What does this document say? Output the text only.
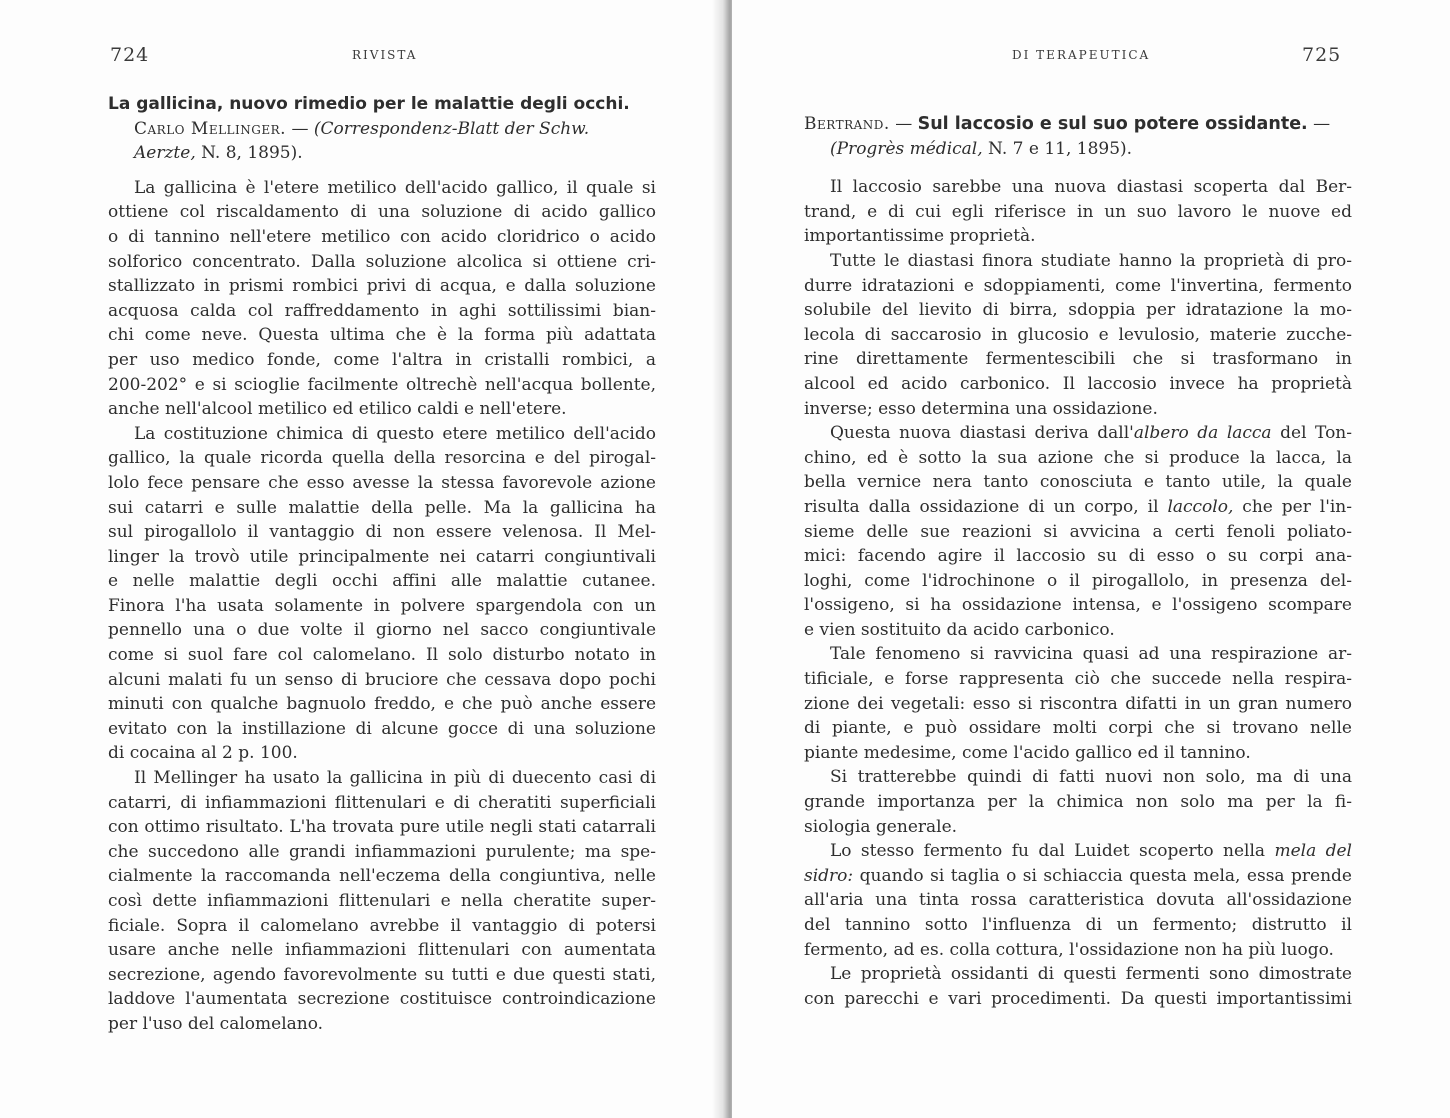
724	RIVISTA

La gallicina, nuovo rimedio per le malattie degli occhi.

Carlo Mellinger. — (Correspondenz-Blatt der Schw.

Aerzte, N. 8, 1895).

La gallicina è l'etere metilico dell'acido gallico, il quale si

ottiene col riscaldamento di una soluzione di acido gallico

o di tannino nell'etere metilico con acido cloridrico o acido

solforico concentrato. Dalla soluzione alcolica si ottiene cri-

stallizzato in prismi rombici privi di acqua, e dalla soluzione

acquosa calda col raffreddamento in aghi sottilissimi bian-

chi come neve. Questa ultima che è la forma più adattata

per uso medico fonde, come l'altra in cristalli rombici, a

200-202° e si scioglie facilmente oltrechè nell'acqua bollente,

anche nell'alcool metilico ed etilico caldi e nell'etere.

La costituzione chimica di questo etere metilico dell'acido

gallico, la quale ricorda quella della resorcina e del pirogal-

lolo fece pensare che esso avesse la stessa favorevole azione

sui catarri e sulle malattie della pelle. Ma la gallicina ha

sul pirogallolo il vantaggio di non essere velenosa. Il Mel-

linger la trovò utile principalmente nei catarri congiuntivali

e nelle malattie degli occhi affini alle malattie cutanee.

Finora l'ha usata solamente in polvere spargendola con un

pennello una o due volte il giorno nel sacco congiuntivale

come si suol fare col calomelano. Il solo disturbo notato in

alcuni malati fu un senso di bruciore che cessava dopo pochi

minuti con qualche bagnuolo freddo, e che può anche essere

evitato con la instillazione di alcune gocce di una soluzione

di cocaina al 2 p. 100.

Il Mellinger ha usato la gallicina in più di duecento casi di

catarri, di infiammazioni flittenulari e di cheratiti superficiali

con ottimo risultato. L'ha trovata pure utile negli stati catarrali

che succedono alle grandi infiammazioni purulente; ma spe-

cialmente la raccomanda nell'eczema della congiuntiva, nelle

così dette infiammazioni flittenulari e nella cheratite super-

ficiale. Sopra il calomelano avrebbe il vantaggio di potersi

usare anche nelle infiammazioni flittenulari con aumentata

secrezione, agendo favorevolmente su tutti e due questi stati,

laddove l'aumentata secrezione costituisce controindicazione

per l'uso del calomelano.

725
DI TERAPEUTICA

Bertrand. — Sul laccosio e sul suo potere ossidante. —

(Progrès médical, N. 7 e 11, 1895).

Il laccosio sarebbe una nuova diastasi scoperta dal Ber-

trand, e di cui egli riferisce in un suo lavoro le nuove ed

importantissime proprietà.

Tutte le diastasi finora studiate hanno la proprietà di pro-

durre idratazioni e sdoppiamenti, come l'invertina, fermento

solubile del lievito di birra, sdoppia per idratazione la mo-

lecola di saccarosio in glucosio e levulosio, materie zucche-

rine direttamente fermentescibili che si trasformano in

alcool ed acido carbonico. Il laccosio invece ha proprietà

inverse; esso determina una ossidazione.

Questa nuova diastasi deriva dall'albero da lacca del Ton-

chino, ed è sotto la sua azione che si produce la lacca, la

bella vernice nera tanto conosciuta e tanto utile, la quale

risulta dalla ossidazione di un corpo, il laccolo, che per l'in-

sieme delle sue reazioni si avvicina a certi fenoli poliato-

mici: facendo agire il laccosio su di esso o su corpi ana-

loghi, come l'idrochinone o il pirogallolo, in presenza del-

l'ossigeno, si ha ossidazione intensa, e l'ossigeno scompare

e vien sostituito da acido carbonico.

Tale fenomeno si ravvicina quasi ad una respirazione ar-

tificiale, e forse rappresenta ciò che succede nella respira-

zione dei vegetali: esso si riscontra difatti in un gran numero

di piante, e può ossidare molti corpi che si trovano nelle

piante medesime, come l'acido gallico ed il tannino.

Si tratterebbe quindi di fatti nuovi non solo, ma di una

grande importanza per la chimica non solo ma per la fi-

siologia generale.

Lo stesso fermento fu dal Luidet scoperto nella mela del

sidro: quando si taglia o si schiaccia questa mela, essa prende

all'aria una tinta rossa caratteristica dovuta all'ossidazione

del tannino sotto l'influenza di un fermento; distrutto il

fermento, ad es. colla cottura, l'ossidazione non ha più luogo.

Le proprietà ossidanti di questi fermenti sono dimostrate

con parecchi e vari procedimenti. Da questi importantissimi
